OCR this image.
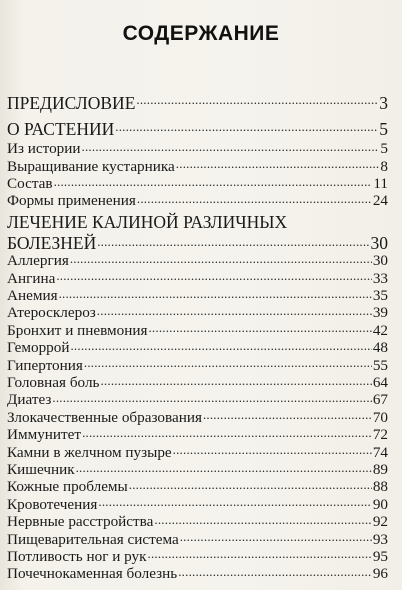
СОДЕРЖАНИЕ
ПРЕДИСЛОВИЕ .....	3
О РАСТЕНИИ .....	5
Из истории .....	5
Выращивание кустарника .....	8
Состав .....	11
Формы применения .....	24
ЛЕЧЕНИЕ КАЛИНОЙ РАЗЛИЧНЫХ
БОЛЕЗНЕЙ .....	30
Аллергия .....	30
Ангина .....	33
Анемия .....	35
Атеросклероз .....	39
Бронхит и пневмония .....	42
Геморрой .....	48
Гипертония .....	55
Головная боль .....	64
Диатез .....	67
Злокачественные образования .....	70
Иммунитет .....	72
Камни в желчном пузыре .....	74
Кишечник .....	89
Кожные проблемы .....	88
Кровотечения .....	90
Нервные расстройства .....	92
Пищеварительная система .....	93
Потливость ног и рук .....	95
Почечнокаменная болезнь .....	96
